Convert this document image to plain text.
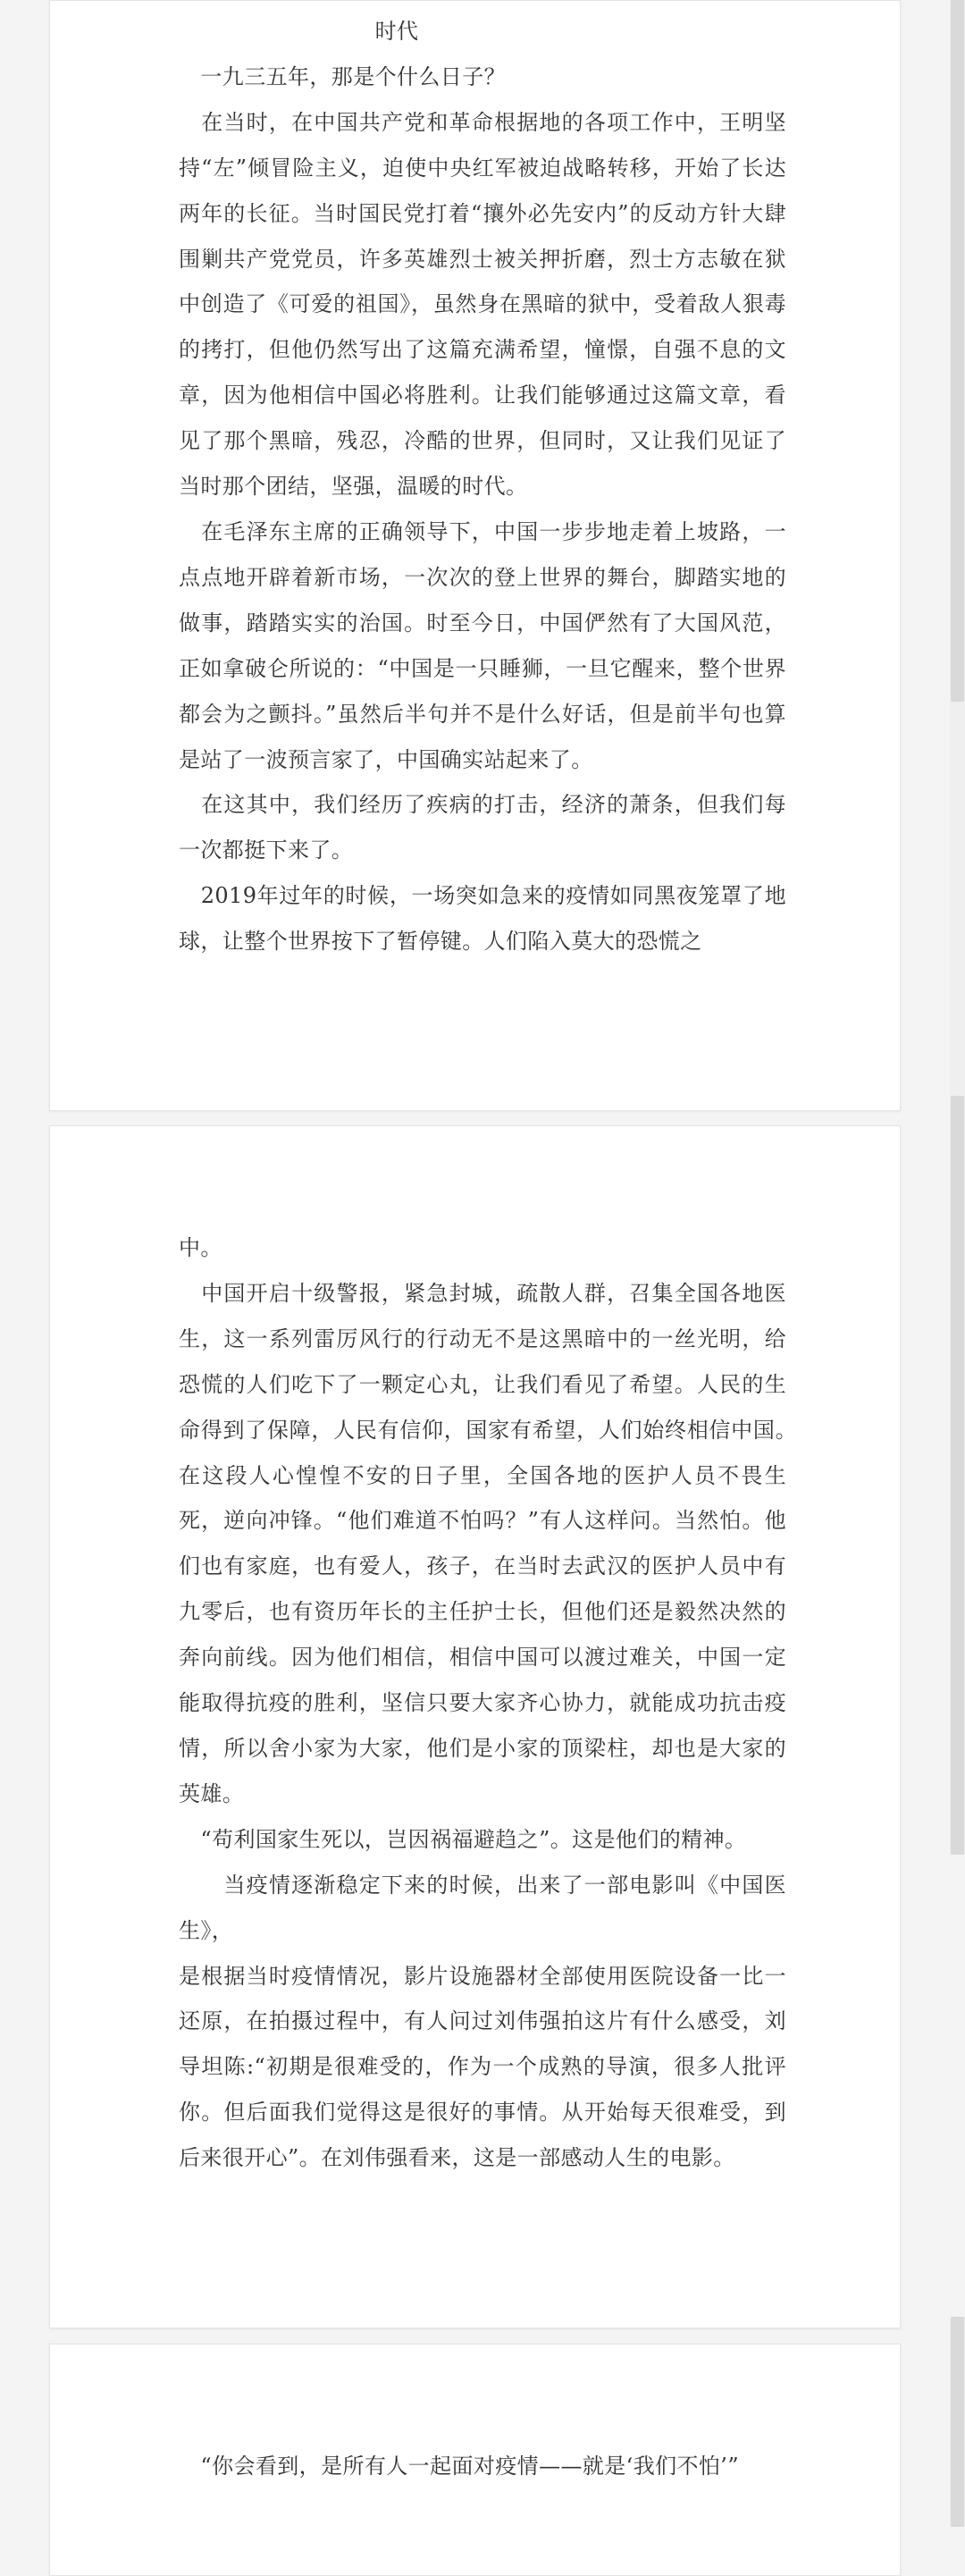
　　　　　　　　　时代

　一九三五年，那是个什么日子？

　在当时，在中国共产党和革命根据地的各项工作中，王明坚持“左”倾冒险主义，迫使中央红军被迫战略转移，开始了长达两年的长征。当时国民党打着“攘外必先安内”的反动方针大肆围剿共产党党员，许多英雄烈士被关押折磨，烈士方志敏在狱中创造了《可爱的祖国》，虽然身在黑暗的狱中，受着敌人狠毒的拷打，但他仍然写出了这篇充满希望，憧憬，自强不息的文章，因为他相信中国必将胜利。让我们能够通过这篇文章，看见了那个黑暗，残忍，冷酷的世界，但同时，又让我们见证了当时那个团结，坚强，温暖的时代。

　在毛泽东主席的正确领导下，中国一步步地走着上坡路，一点点地开辟着新市场，一次次的登上世界的舞台，脚踏实地的做事，踏踏实实的治国。时至今日，中国俨然有了大国风范，正如拿破仑所说的：“中国是一只睡狮，一旦它醒来，整个世界都会为之颤抖。”虽然后半句并不是什么好话，但是前半句也算是站了一波预言家了，中国确实站起来了。

　在这其中，我们经历了疾病的打击，经济的萧条，但我们每一次都挺下来了。

　2019年过年的时候，一场突如急来的疫情如同黑夜笼罩了地球，让整个世界按下了暂停键。人们陷入莫大的恐慌之

中。

　中国开启十级警报，紧急封城，疏散人群，召集全国各地医生，这一系列雷厉风行的行动无不是这黑暗中的一丝光明，给恐慌的人们吃下了一颗定心丸，让我们看见了希望。人民的生命得到了保障，人民有信仰，国家有希望，人们始终相信中国。　　　在这段人心惶惶不安的日子里，全国各地的医护人员不畏生死，逆向冲锋。“他们难道不怕吗？”有人这样问。当然怕。他们也有家庭，也有爱人，孩子，在当时去武汉的医护人员中有九零后，也有资历年长的主任护士长，但他们还是毅然决然的奔向前线。因为他们相信，相信中国可以渡过难关，中国一定能取得抗疫的胜利，坚信只要大家齐心协力，就能成功抗击疫情，所以舍小家为大家，他们是小家的顶梁柱，却也是大家的英雄。

　“苟利国家生死以，岂因祸福避趋之”。这是他们的精神。

　　当疫情逐渐稳定下来的时候，出来了一部电影叫《中国医生》，

是根据当时疫情情况，影片设施器材全部使用医院设备一比一还原，在拍摄过程中，有人问过刘伟强拍这片有什么感受，刘导坦陈:“初期是很难受的，作为一个成熟的导演，很多人批评你。但后面我们觉得这是很好的事情。从开始每天很难受，到后来很开心”。在刘伟强看来，这是一部感动人生的电影。

　“你会看到，是所有人一起面对疫情——就是‘我们不怕’”
